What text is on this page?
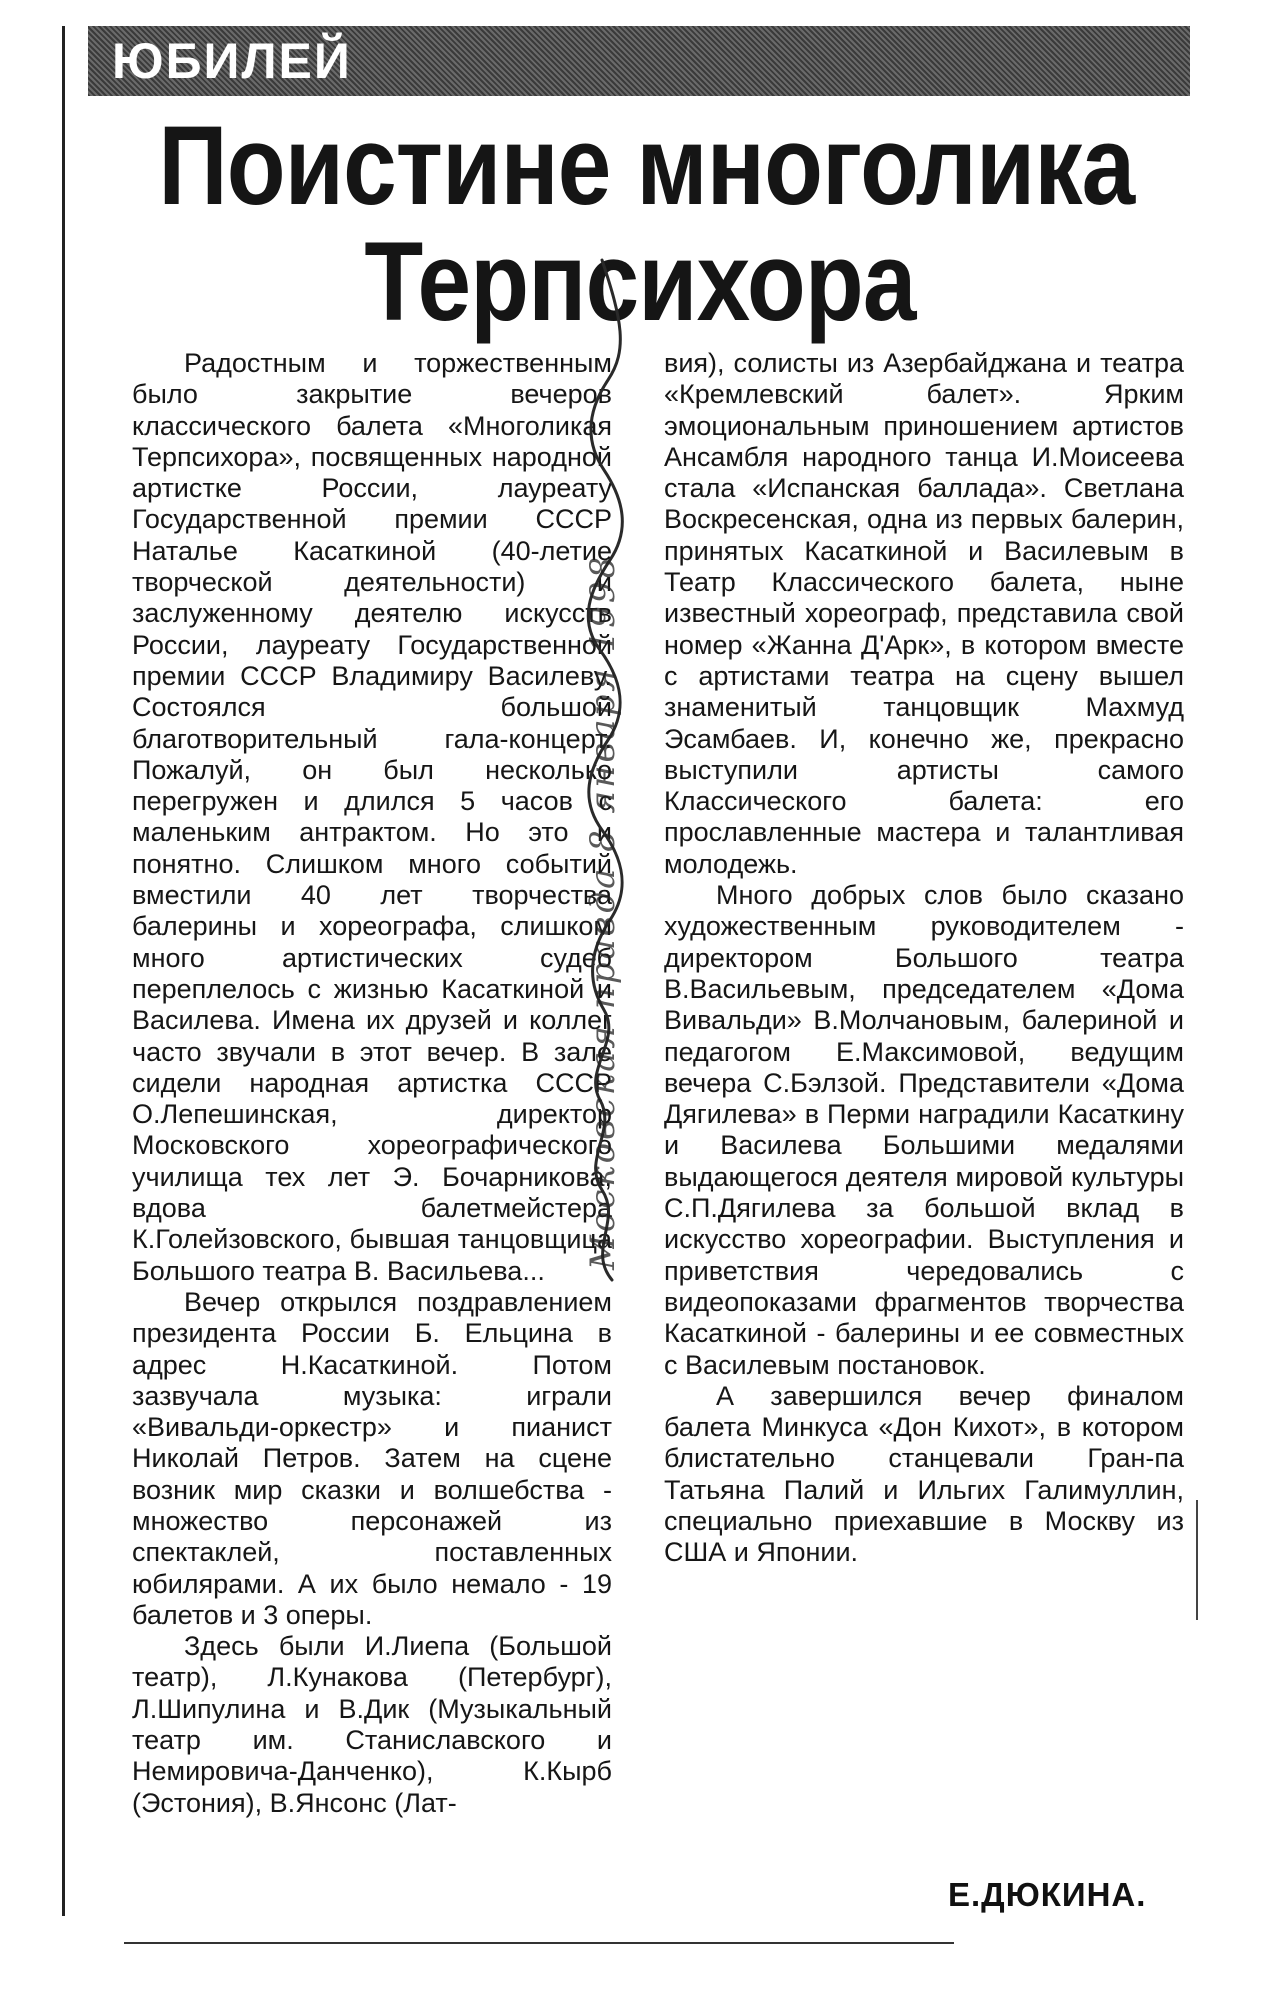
ЮБИЛЕЙ
Поистине многолика
Терпсихора

Радостным и торжественным было закрытие вечеров классического балета «Многоликая Терпсихора», посвященных народной артистке России, лауреату Государственной премии СССР Наталье Касаткиной (40-летие творческой деятельности) и заслуженному деятелю искусств России, лауреату Государственной премии СССР Владимиру Василеву. Состоялся большой благотворительный гала-концерт. Пожалуй, он был несколько перегружен и длился 5 часов с маленьким антрактом. Но это и понятно. Слишком много событий вместили 40 лет творчества балерины и хореографа, слишком много артистических судеб переплелось с жизнью Касаткиной и Василева. Имена их друзей и коллег часто звучали в этот вечер. В зале сидели народная артистка СССР О.Лепешинская, директор Московского хореографического училища тех лет Э. Бочарникова, вдова балетмейстера К.Голейзовского, бывшая танцовщица Большого театра В. Васильева...

Вечер открылся поздравлением президента России Б. Ельцина в адрес Н.Касаткиной. Потом зазвучала музыка: играли «Вивальди-оркестр» и пианист Николай Петров. Затем на сцене возник мир сказки и волшебства - множество персонажей из спектаклей, поставленных юбилярами. А их было немало - 19 балетов и 3 оперы.

Здесь были И.Лиепа (Большой театр), Л.Кунакова (Петербург), Л.Шипулина и В.Дик (Музыкальный театр им. Станиславского и Немировича-Данченко), К.Кырб (Эстония), В.Янсонс (Лат-

Московская правда 8 января 1998

вия), солисты из Азербайджана и театра «Кремлевский балет». Ярким эмоциональным приношением артистов Ансамбля народного танца И.Моисеева стала «Испанская баллада». Светлана Воскресенская, одна из первых балерин, принятых Касаткиной и Василевым в Театр Классического балета, ныне известный хореограф, представила свой номер «Жанна Д'Арк», в котором вместе с артистами театра на сцену вышел знаменитый танцовщик Махмуд Эсамбаев. И, конечно же, прекрасно выступили артисты самого Классического балета: его прославленные мастера и талантливая молодежь.

Много добрых слов было сказано художественным руководителем - директором Большого театра В.Васильевым, председателем «Дома Вивальди» В.Молчановым, балериной и педагогом Е.Максимовой, ведущим вечера С.Бэлзой. Представители «Дома Дягилева» в Перми наградили Касаткину и Василева Большими медалями выдающегося деятеля мировой культуры С.П.Дягилева за большой вклад в искусство хореографии. Выступления и приветствия чередовались с видеопоказами фрагментов творчества Касаткиной - балерины и ее совместных с Василевым постановок.

А завершился вечер финалом балета Минкуса «Дон Кихот», в котором блистательно станцевали Гран-па Татьяна Палий и Ильгих Галимуллин, специально приехавшие в Москву из США и Японии.

Е.ДЮКИНА.
